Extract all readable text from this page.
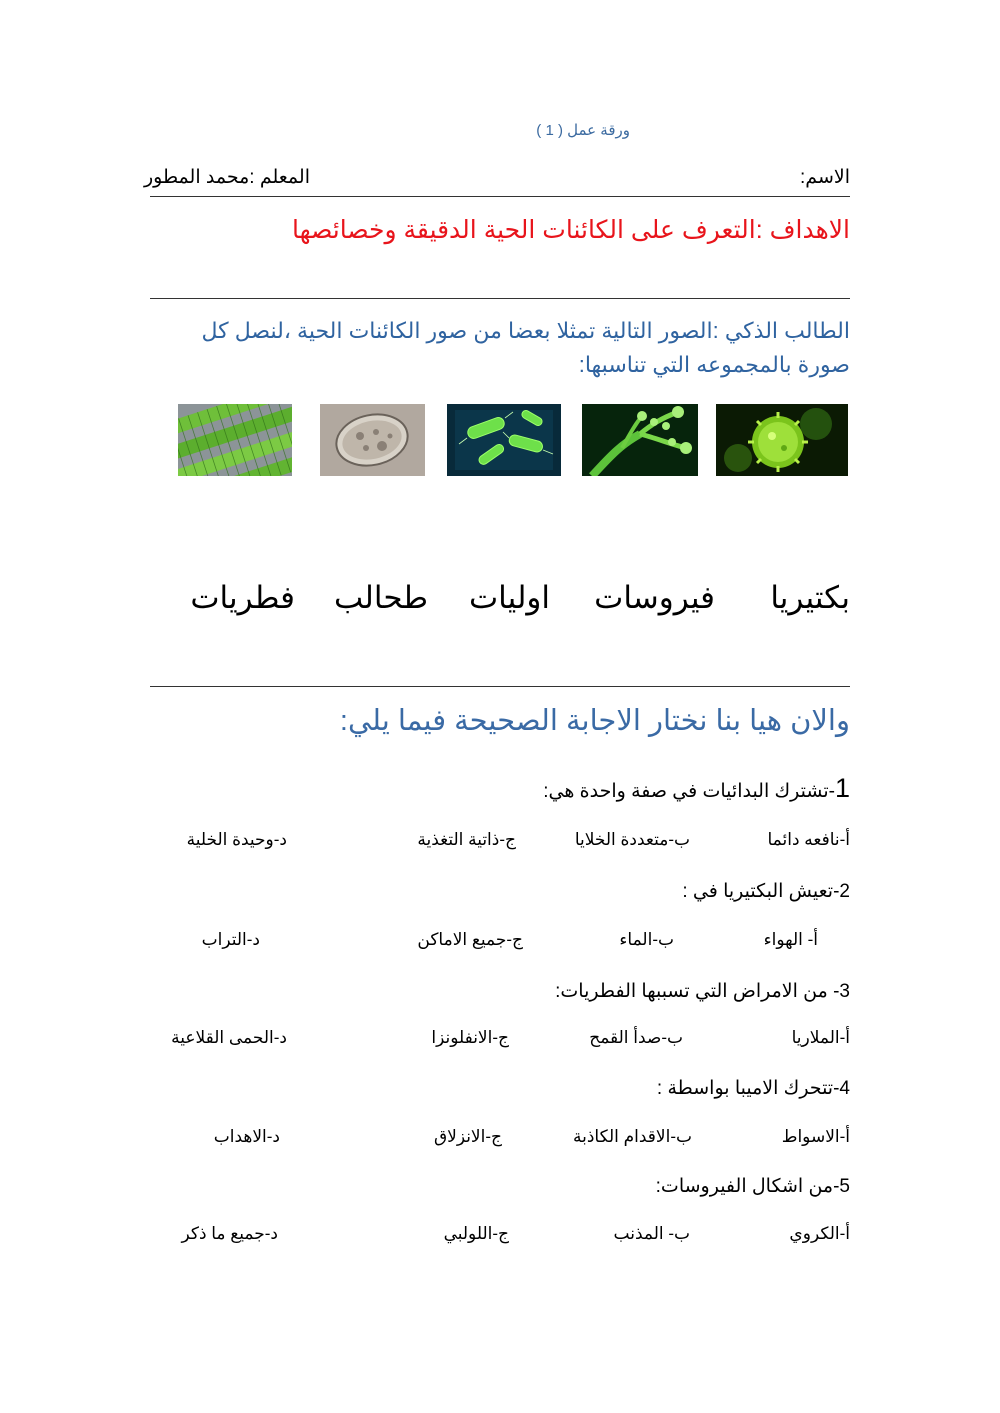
ورقة عمل ( 1 )
الاسم:
المعلم :محمد المطور
الاهداف :التعرف على الكائنات الحية الدقيقة وخصائصها
الطالب الذكي :الصور التالية تمثلا بعضا من صور الكائنات الحية ،لنصل كل صورة بالمجموعه التي تناسبها:
بكتيريا
فيروسات
اوليات
طحالب
فطريات
والان هيا بنا نختار الاجابة الصحيحة فيما يلي:
1-تشترك البدائيات في صفة واحدة هي:
أ-نافعه دائما
ب-متعددة الخلايا
ج-ذاتية التغذية
د-وحيدة الخلية
2-تعيش البكتيريا في :
أ- الهواء
ب-الماء
ج-جميع الاماكن
د-التراب
3- من الامراض التي تسببها الفطريات:
أ-الملاريا
ب-صدأ القمح
ج-الانفلونزا
د-الحمى القلاعية
4-تتحرك الاميبا بواسطة :
أ-الاسواط
ب-الاقدام الكاذبة
ج-الانزلاق
د-الاهداب
5-من اشكال الفيروسات:
أ-الكروي
ب- المذنب
ج-اللولبي
د-جميع ما ذكر
